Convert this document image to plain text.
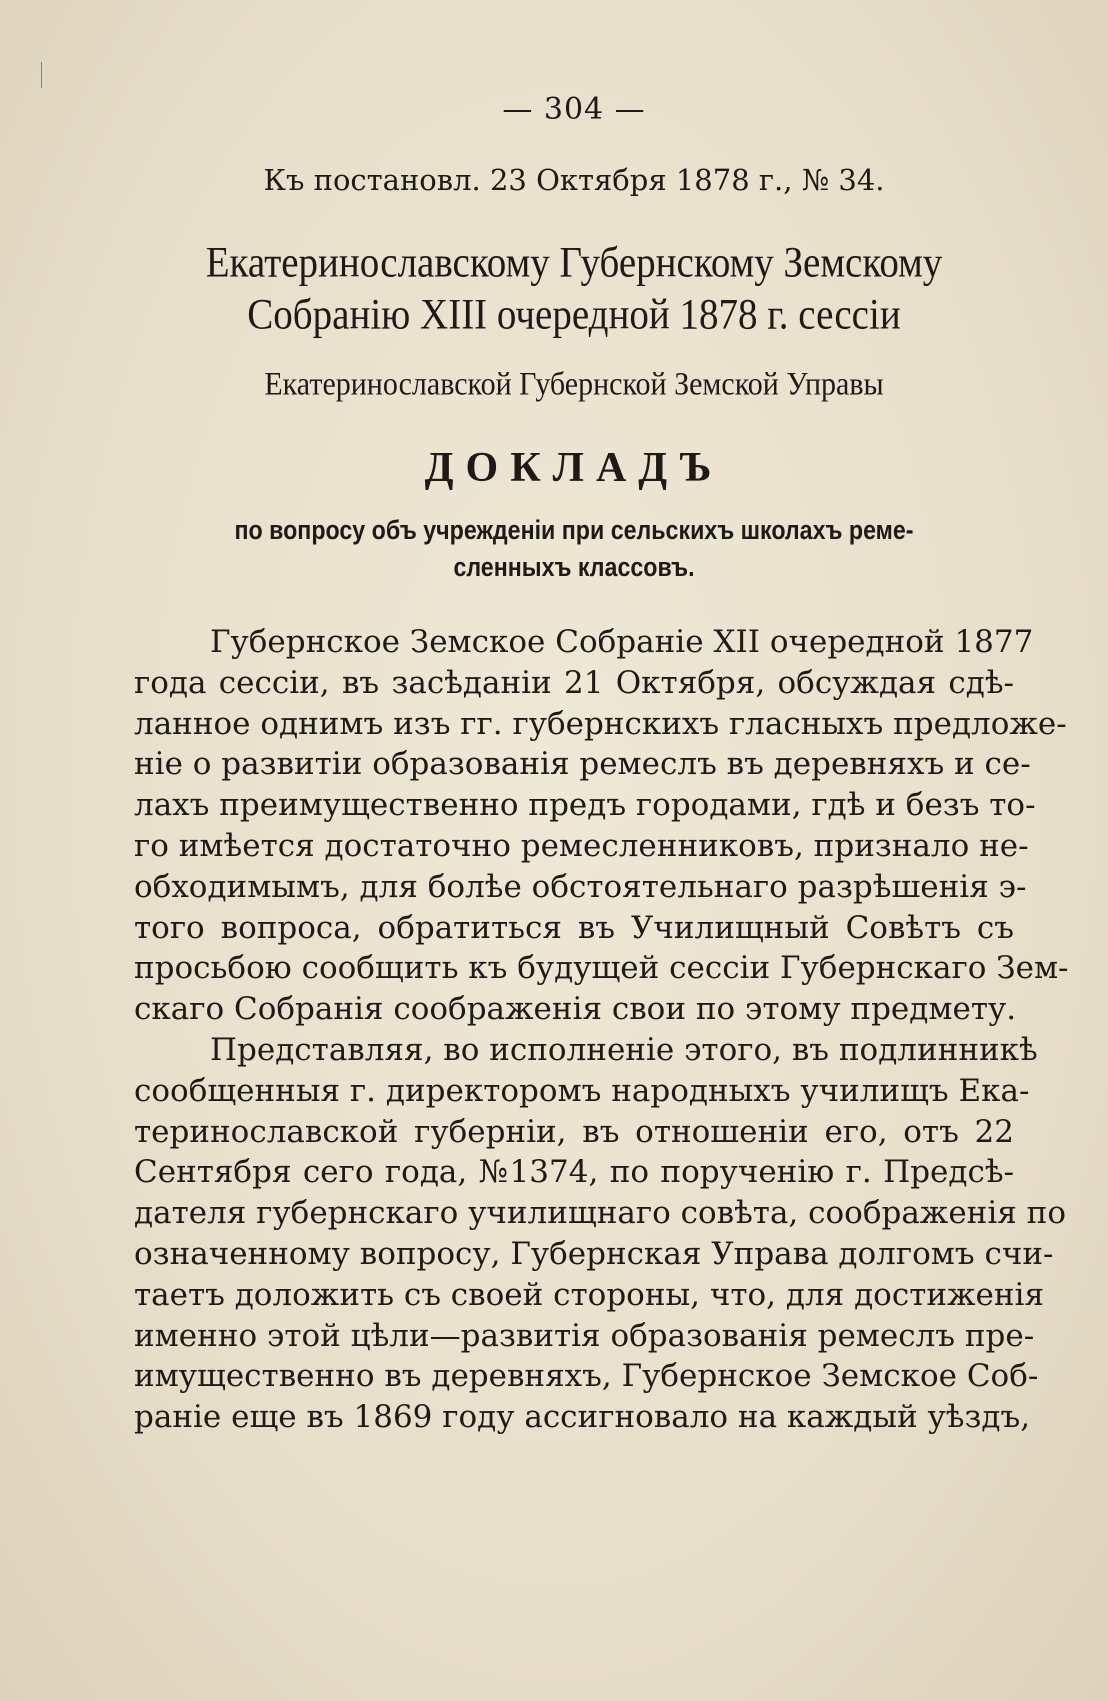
— 304 —
Къ постановл. 23 Октября 1878 г., № 34.
Екатеринославскому Губернскому Земскому
Собранію XIII очередной 1878 г. сессіи
Екатеринославской Губернской Земской Управы
ДОКЛАДЪ
по вопросу объ учрежденіи при сельскихъ школахъ реме-
сленныхъ классовъ.
Губернское Земское Собраніе XII очередной 1877
года сессіи, въ засѣданіи 21 Октября, обсуждая сдѣ-
ланное однимъ изъ гг. губернскихъ гласныхъ предложе-
ніе о развитіи образованія ремеслъ въ деревняхъ и се-
лахъ преимущественно предъ городами, гдѣ и безъ то-
го имѣется достаточно ремесленниковъ, признало не-
обходимымъ, для болѣе обстоятельнаго разрѣшенія э-
того вопроса, обратиться въ Училищный Совѣтъ съ
просьбою сообщить къ будущей сессіи Губернскаго Зем-
скаго Собранія соображенія свои по этому предмету.
Представляя, во исполненіе этого, въ подлинникѣ
сообщенныя г. директоромъ народныхъ училищъ Ека-
теринославской губерніи, въ отношеніи его, отъ 22
Сентября сего года, №1374, по порученію г. Предсѣ-
дателя губернскаго училищнаго совѣта, соображенія по
означенному вопросу, Губернская Управа долгомъ счи-
таетъ доложить съ своей стороны, что, для достиженія
именно этой цѣли—развитія образованія ремеслъ пре-
имущественно въ деревняхъ, Губернское Земское Соб-
раніе еще въ 1869 году ассигновало на каждый уѣздъ,
